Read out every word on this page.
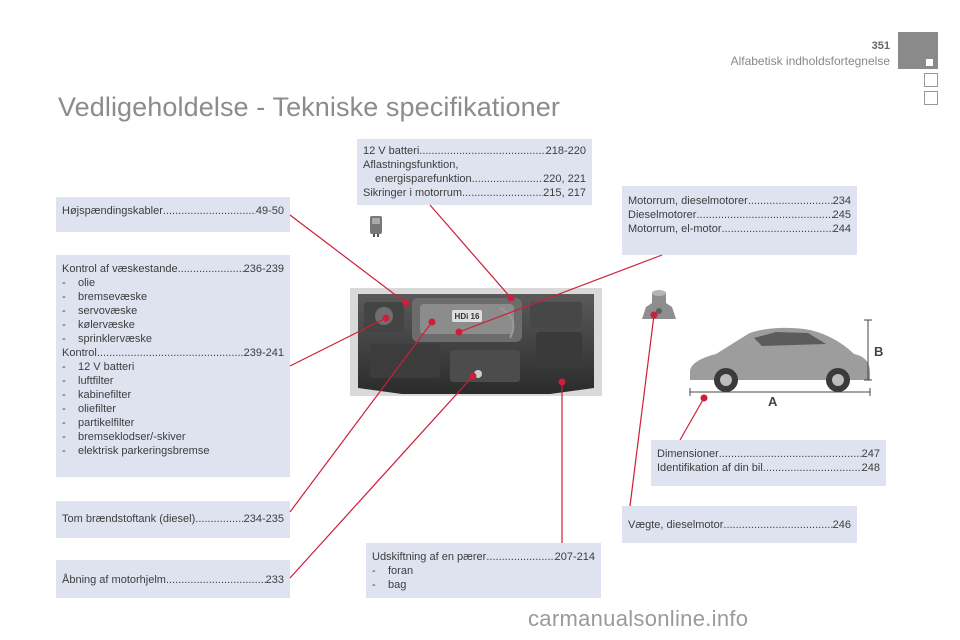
351
Alfabetisk indholdsfortegnelse
Vedligeholdelse - Tekniske specifikationer
Højspændingskabler .....	49-50
Kontrol af væskestande .....	236-239
-	olie
-	bremsevæske
-	servovæske
-	kølervæske
-	sprinklervæske
Kontrol .....	239-241
-	12 V batteri
-	luftfilter
-	kabinefilter
-	oliefilter
-	partikelfilter
-	bremseklodser/-skiver
-	elektrisk parkeringsbremse
Tom brændstoftank (diesel) .....	234-235
Åbning af motorhjelm .....	233
12 V batteri .....	218-220
Aflastningsfunktion,
energisparefunktion .....	220, 221
Sikringer i motorrum .....	215, 217
Motorrum, dieselmotorer .....	234
Dieselmotorer .....	245
Motorrum, el-motor .....	244
Dimensioner .....	247
Identifikation af din bil .....	248
Vægte, dieselmotor .....	246
Udskiftning af en pærer .....	207-214
-	foran
-	bag
HDi 16
A
B
carmanualsonline.info
